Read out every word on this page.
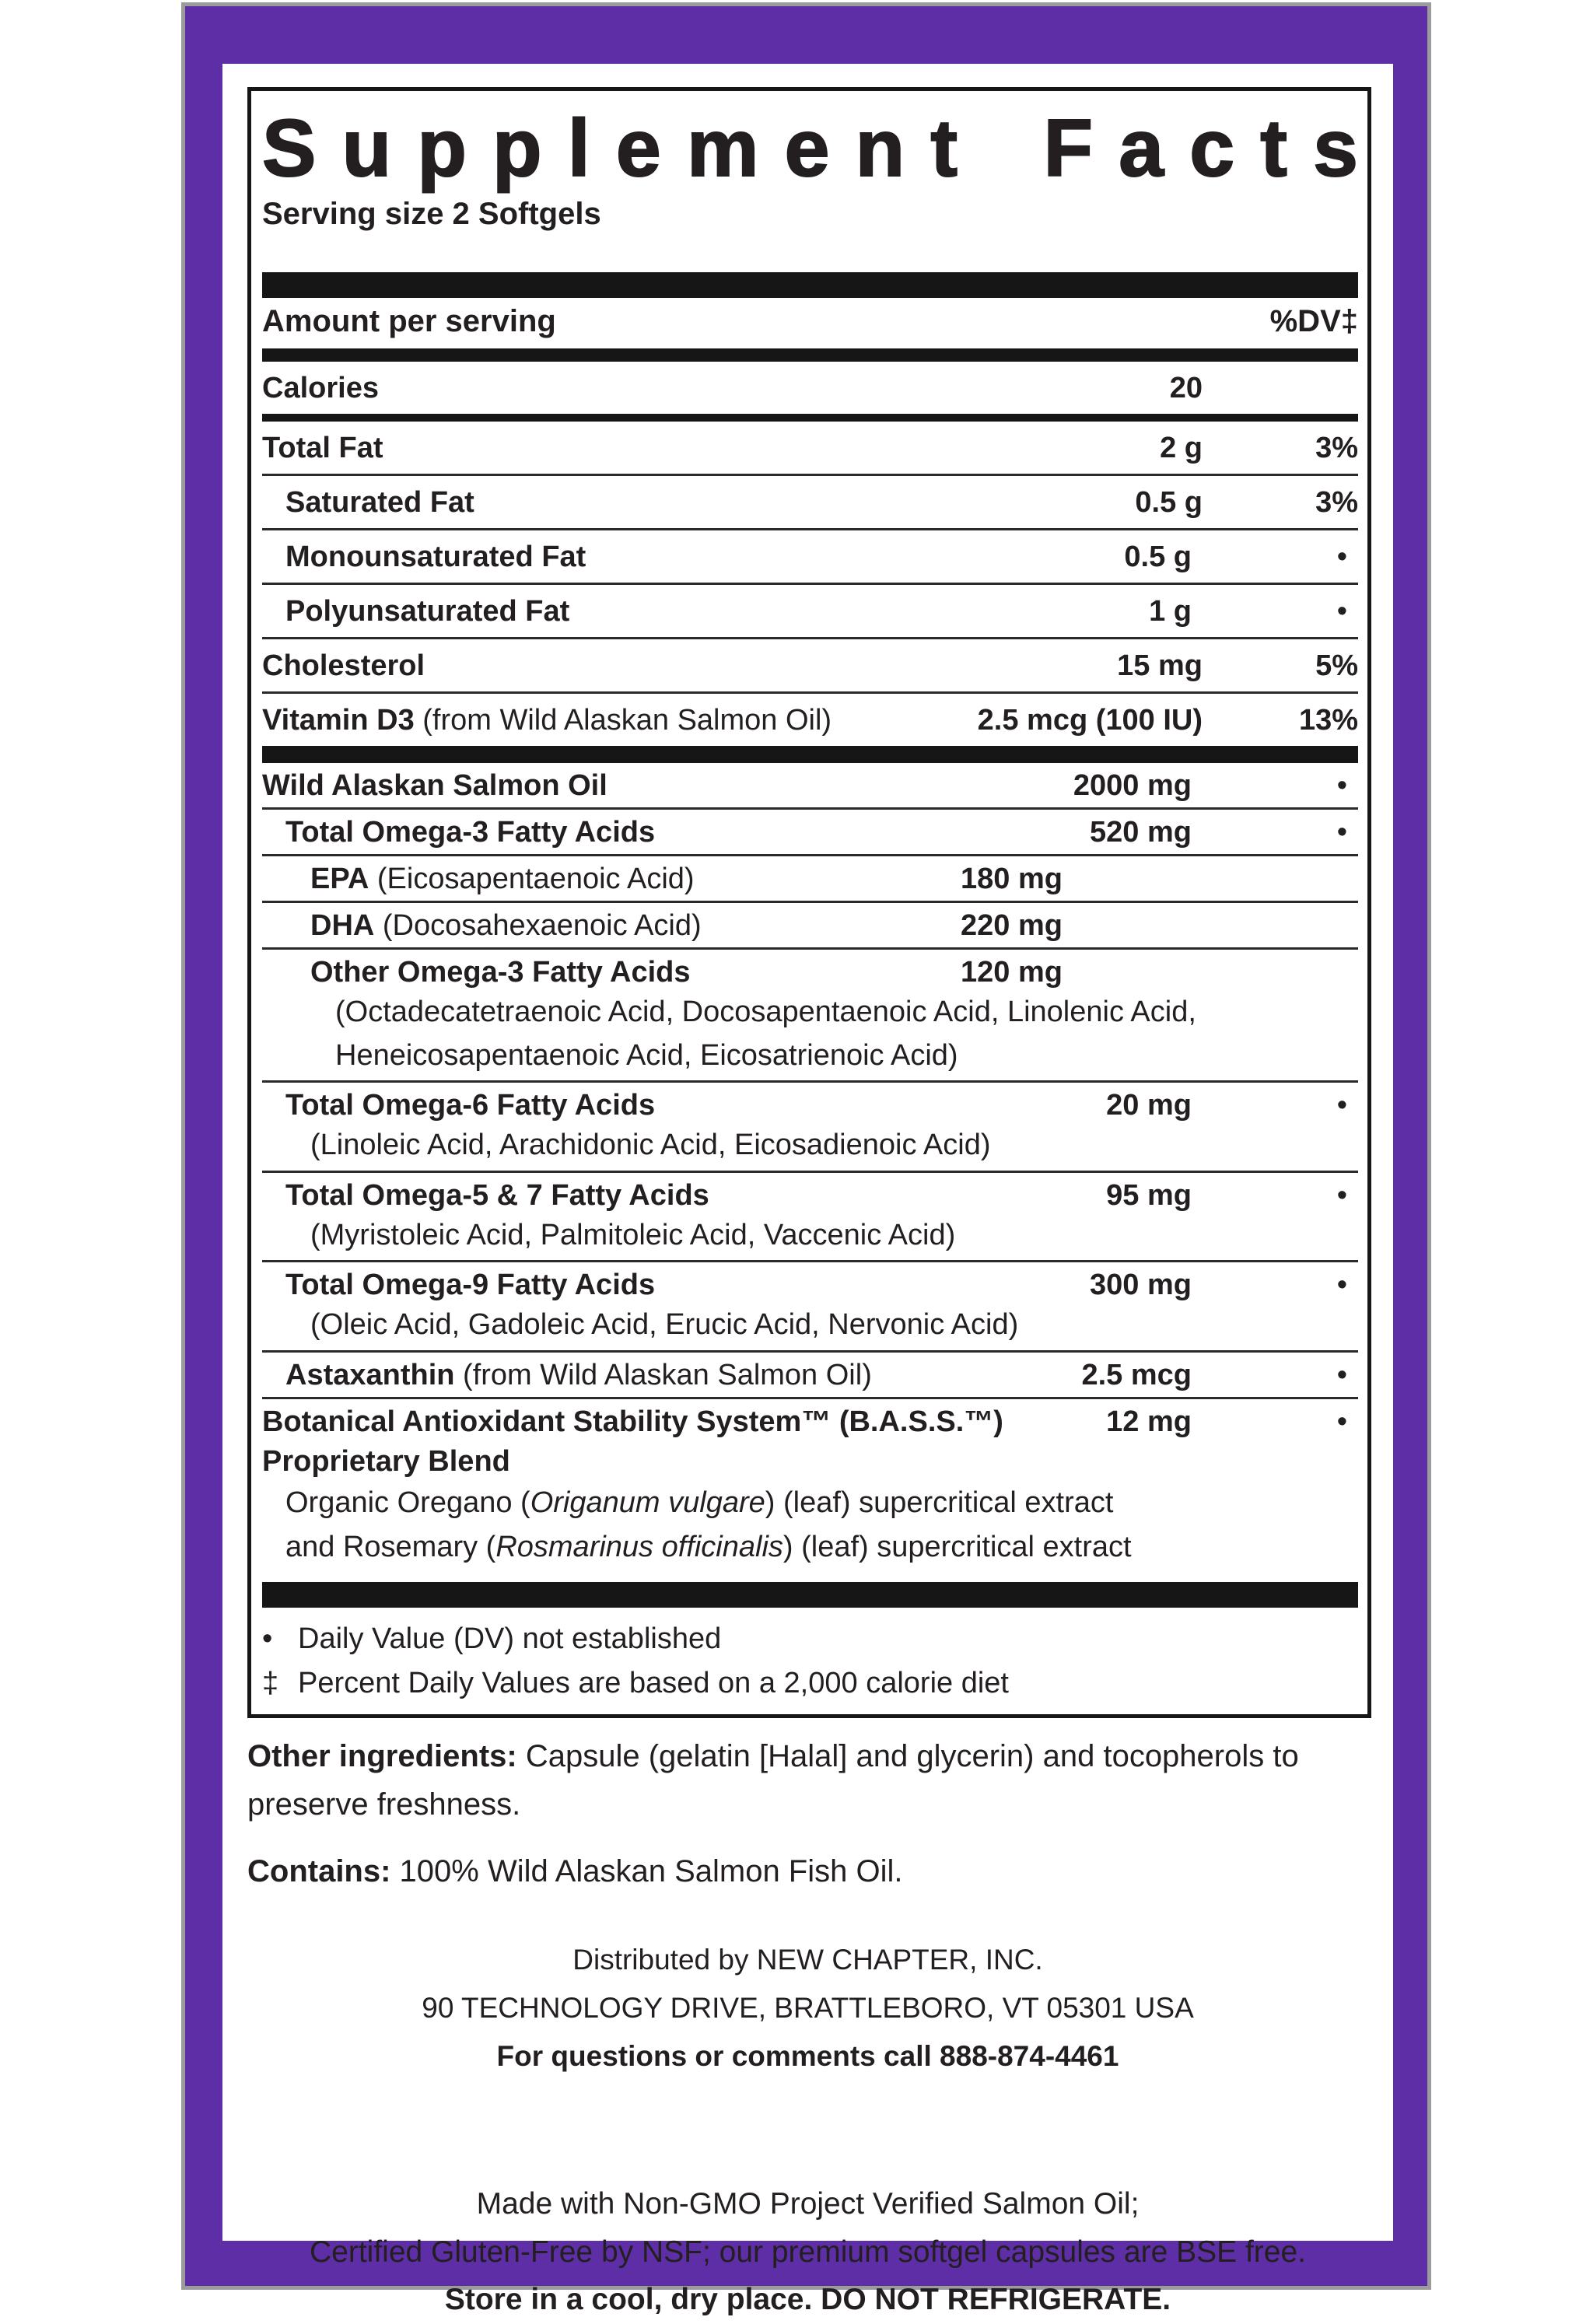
S u p p l e m e n t
F a c t s
Serving size 2 Softgels
Amount per serving	%DV‡
Calories	20
Total Fat	2 g	3%
Saturated Fat	0.5 g	3%
Monounsaturated Fat	0.5 g	•
Polyunsaturated Fat	1 g	•
Cholesterol	15 mg	5%
Vitamin D3 (from Wild Alaskan Salmon Oil)	2.5 mcg (100 IU)	13%
Wild Alaskan Salmon Oil	2000 mg	•
Total Omega-3 Fatty Acids	520 mg	•
EPA (Eicosapentaenoic Acid)	180 mg
DHA (Docosahexaenoic Acid)	220 mg
Other Omega-3 Fatty Acids	120 mg
(Octadecatetraenoic Acid, Docosapentaenoic Acid, Linolenic Acid,
Heneicosapentaenoic Acid, Eicosatrienoic Acid)
Total Omega-6 Fatty Acids	20 mg	•
(Linoleic Acid, Arachidonic Acid, Eicosadienoic Acid)
Total Omega-5 & 7 Fatty Acids	95 mg	•
(Myristoleic Acid, Palmitoleic Acid, Vaccenic Acid)
Total Omega-9 Fatty Acids	300 mg	•
(Oleic Acid, Gadoleic Acid, Erucic Acid, Nervonic Acid)
Astaxanthin (from Wild Alaskan Salmon Oil)	2.5 mcg	•
Botanical Antioxidant Stability System™ (B.A.S.S.™)	12 mg	•
Proprietary Blend
Organic Oregano (Origanum vulgare) (leaf) supercritical extract
and Rosemary (Rosmarinus officinalis) (leaf) supercritical extract
• Daily Value (DV) not established
‡ Percent Daily Values are based on a 2,000 calorie diet
Other ingredients: Capsule (gelatin [Halal] and glycerin) and tocopherols to preserve freshness.
Contains: 100% Wild Alaskan Salmon Fish Oil.
Distributed by NEW CHAPTER, INC.
90 TECHNOLOGY DRIVE, BRATTLEBORO, VT 05301 USA
For questions or comments call 888-874-4461
Made with Non-GMO Project Verified Salmon Oil;
Certified Gluten-Free by NSF; our premium softgel capsules are BSE free.
Store in a cool, dry place. DO NOT REFRIGERATE.
